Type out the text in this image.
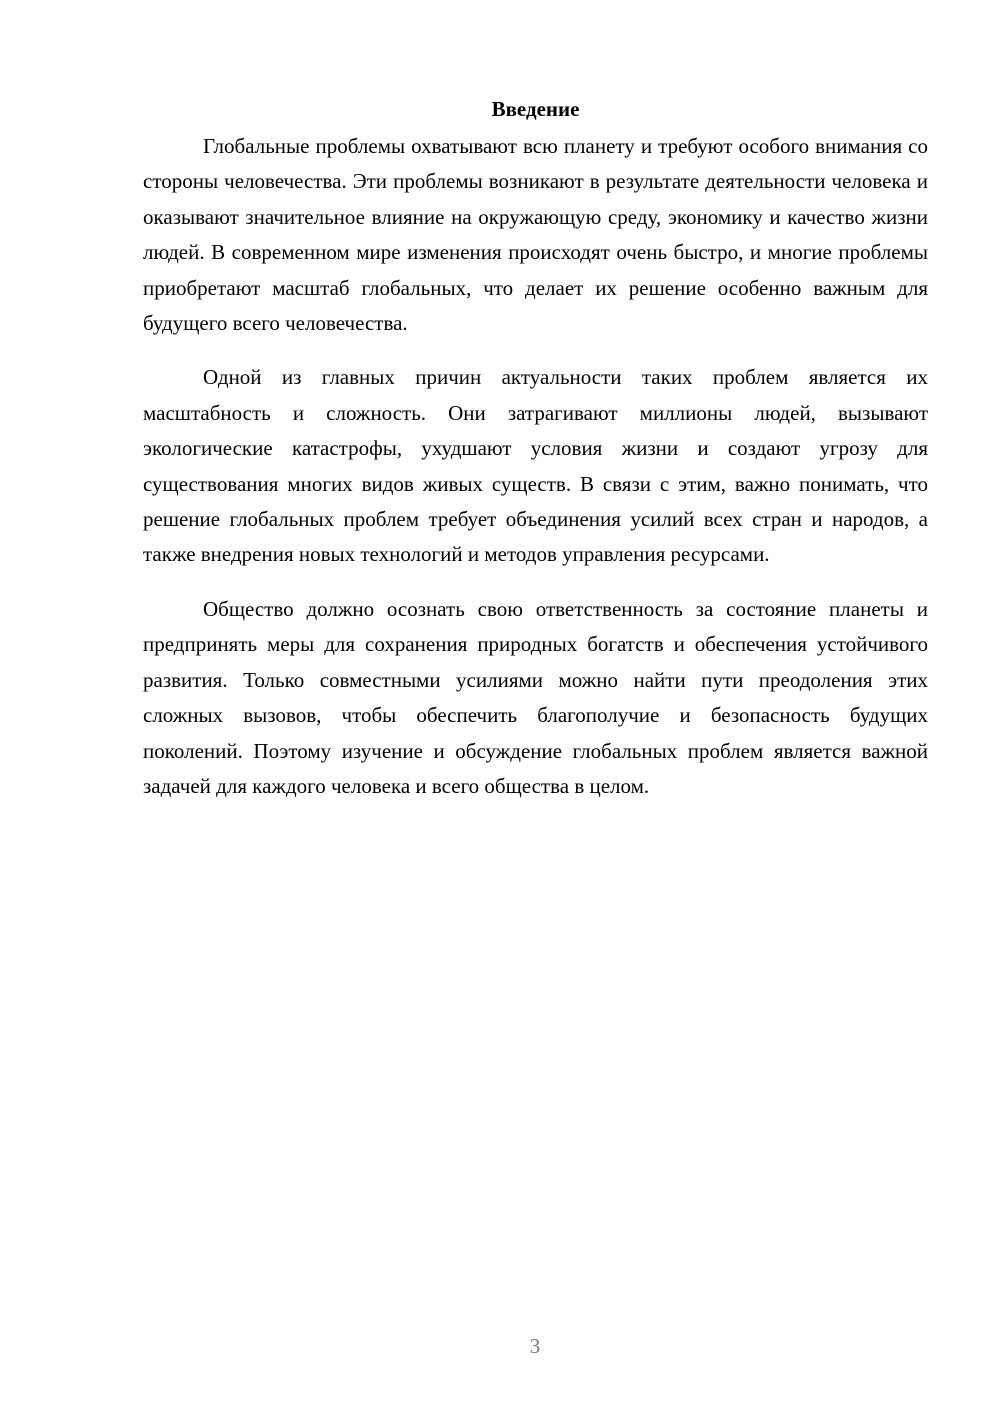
Введение

Глобальные проблемы охватывают всю планету и требуют особого внимания со стороны человечества. Эти проблемы возникают в результате деятельности человека и оказывают значительное влияние на окружающую среду, экономику и качество жизни людей. В современном мире изменения происходят очень быстро, и многие проблемы приобретают масштаб глобальных, что делает их решение особенно важным для будущего всего человечества.

Одной из главных причин актуальности таких проблем является их масштабность и сложность. Они затрагивают миллионы людей, вызывают экологические катастрофы, ухудшают условия жизни и создают угрозу для существования многих видов живых существ. В связи с этим, важно понимать, что решение глобальных проблем требует объединения усилий всех стран и народов, а также внедрения новых технологий и методов управления ресурсами.

Общество должно осознать свою ответственность за состояние планеты и предпринять меры для сохранения природных богатств и обеспечения устойчивого развития. Только совместными усилиями можно найти пути преодоления этих сложных вызовов, чтобы обеспечить благополучие и безопасность будущих поколений. Поэтому изучение и обсуждение глобальных проблем является важной задачей для каждого человека и всего общества в целом.

3
